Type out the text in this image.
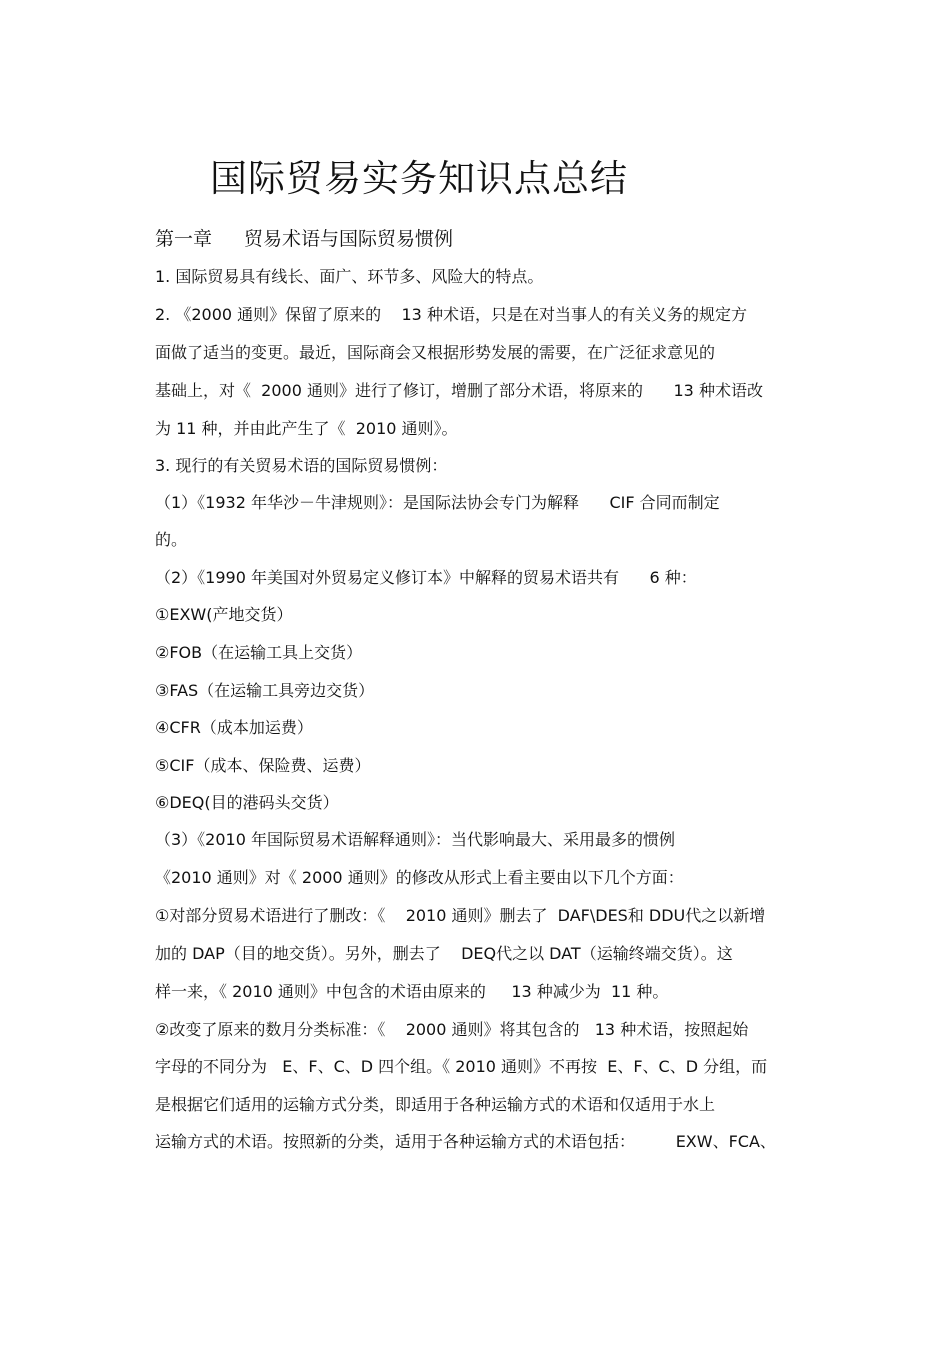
国际贸易实务知识点总结
第一章 贸易术语与国际贸易惯例
1. 国际贸易具有线长、面广、环节多、风险大的特点。
2. 《2000 通则》保留了原来的    13 种术语，只是在对当事人的有关义务的规定方
面做了适当的变更。最近，国际商会又根据形势发展的需要，在广泛征求意见的
基础上，对《  2000 通则》进行了修订，增删了部分术语，将原来的      13 种术语改
为 11 种，并由此产生了《  2010 通则》。
3. 现行的有关贸易术语的国际贸易惯例：
（1）《1932 年华沙－牛津规则》：是国际法协会专门为解释      CIF 合同而制定
的。
（2）《1990 年美国对外贸易定义修订本》中解释的贸易术语共有      6 种：
①EXW(产地交货）
②FOB（在运输工具上交货）
③FAS（在运输工具旁边交货）
④CFR（成本加运费）
⑤CIF（成本、保险费、运费）
⑥DEQ(目的港码头交货）
（3）《2010 年国际贸易术语解释通则》：当代影响最大、采用最多的惯例
《2010 通则》对《 2000 通则》的修改从形式上看主要由以下几个方面：
①对部分贸易术语进行了删改：《    2010 通则》删去了  DAF\DES和 DDU代之以新增
加的 DAP（目的地交货）。另外，删去了    DEQ代之以 DAT（运输终端交货）。这
样一来，《 2010 通则》中包含的术语由原来的     13 种减少为  11 种。
②改变了原来的数月分类标准：《    2000 通则》将其包含的   13 种术语，按照起始
字母的不同分为   E、F、C、D 四个组。《 2010 通则》不再按  E、F、C、D 分组，而
是根据它们适用的运输方式分类，即适用于各种运输方式的术语和仅适用于水上
运输方式的术语。按照新的分类，适用于各种运输方式的术语包括：        EXW、FCA、
